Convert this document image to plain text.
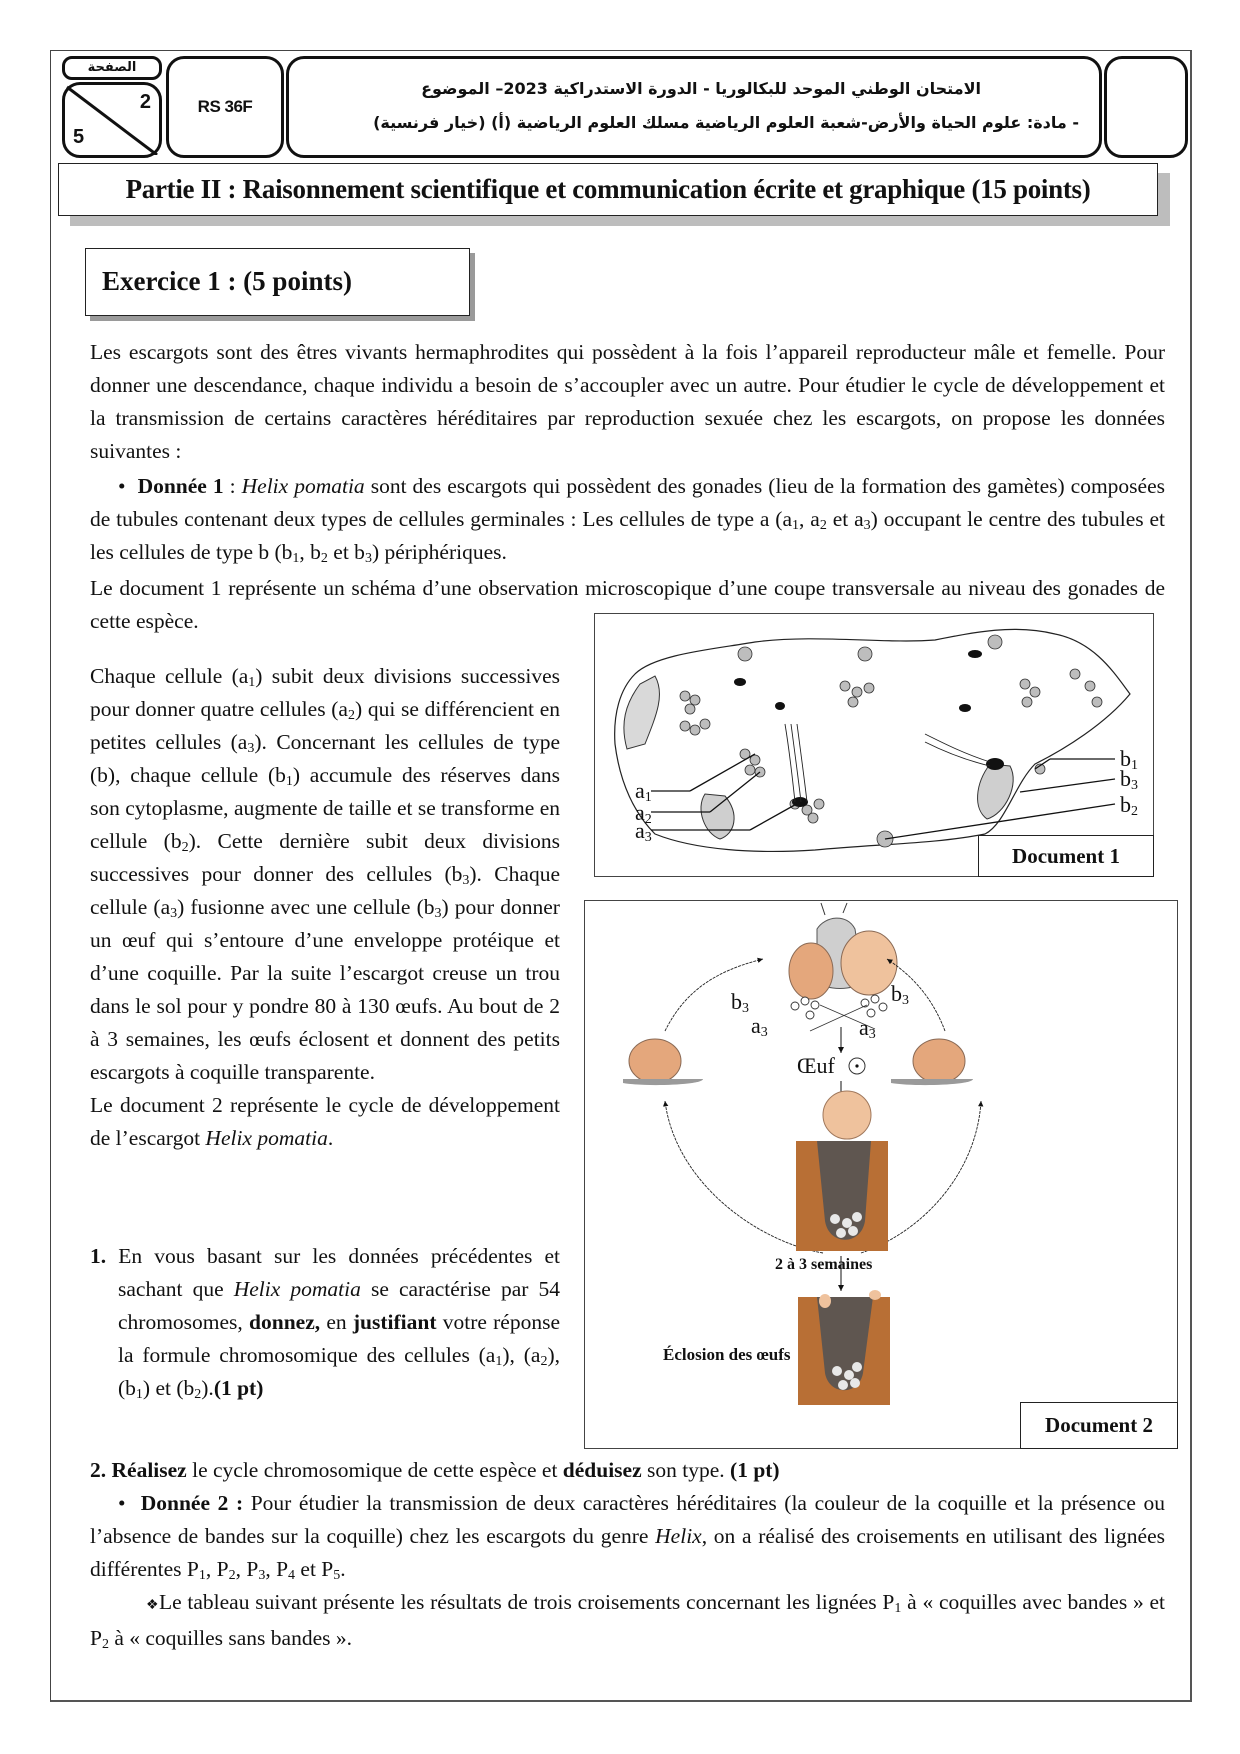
الصفحة
2
5
RS 36F
الامتحان الوطني الموحد للبكالوريا - الدورة الاستدراكية 2023– الموضوع
- مادة: علوم الحياة والأرض-شعبة العلوم الرياضية مسلك العلوم الرياضية (أ) (خيار فرنسية)
Partie II : Raisonnement scientifique et communication écrite et graphique (15 points)
Exercice 1 : (5 points)
Les escargots sont des êtres vivants hermaphrodites qui possèdent à la fois l’appareil reproducteur mâle et femelle. Pour donner une descendance, chaque individu a besoin de s’accoupler avec un autre. Pour étudier le cycle de développement et la transmission de certains caractères héréditaires par reproduction sexuée chez les escargots, on propose les données suivantes :
•  Donnée 1 : Helix pomatia sont des escargots qui possèdent des gonades (lieu de la formation des gamètes) composées de tubules contenant deux types de cellules germinales : Les cellules de type a ($a_1$, $a_2$ et $a_3$) occupant le centre des tubules et les cellules de type b ($b_1$, $b_2$ et $b_3$) périphériques.
Le document 1 représente un schéma d’une observation microscopique d’une coupe transversale au niveau des gonades de cette espèce.
Chaque cellule $(a_1)$ subit deux divisions successives pour donner quatre cellules $(a_2)$ qui se différencient en petites cellules $(a_3)$. Concernant les cellules de type (b), chaque cellule $(b_1)$ accumule des réserves dans son cytoplasme, augmente de taille et se transforme en cellule $(b_2)$. Cette dernière subit deux divisions successives pour donner des cellules $(b_3)$. Chaque cellule $(a_3)$ fusionne avec une cellule $(b_3)$ pour donner un œuf qui s’entoure d’une enveloppe protéique et d’une coquille. Par la suite l’escargot creuse un trou dans le sol pour y pondre 80 à 130 œufs. Au bout de 2 à 3 semaines, les œufs éclosent et donnent des petits escargots à coquille transparente.
Le document 2 représente le cycle de développement de l’escargot Helix pomatia.
1. En vous basant sur les données précédentes et sachant que Helix pomatia se caractérise par 54 chromosomes, donnez, en justifiant votre réponse la formule chromosomique des cellules $(a_1)$, $(a_2)$, $(b_1)$ et $(b_2).(1$ pt)
$a_1$
$a_2$
$a_3$
$b_1$
$b_3$
$b_2$
Document 1
$b_3$
$b_3$
$a_3$	$a_3$
Œuf
2 à 3 semaines
Éclosion des œufs
Document 2
2. Réalisez le cycle chromosomique de cette espèce et déduisez son type. (1 pt)
•  Donnée 2 : Pour étudier la transmission de deux caractères héréditaires (la couleur de la coquille et la présence ou l’absence de bandes sur la coquille) chez les escargots du genre Helix, on a réalisé des croisements en utilisant des lignées différentes $P_1$, $P_2$, $P_3$, $P_4$ et $P_5$.
❖Le tableau suivant présente les résultats de trois croisements concernant les lignées $P_1$ à « coquilles avec bandes » et $P_2$ à « coquilles sans bandes ».
